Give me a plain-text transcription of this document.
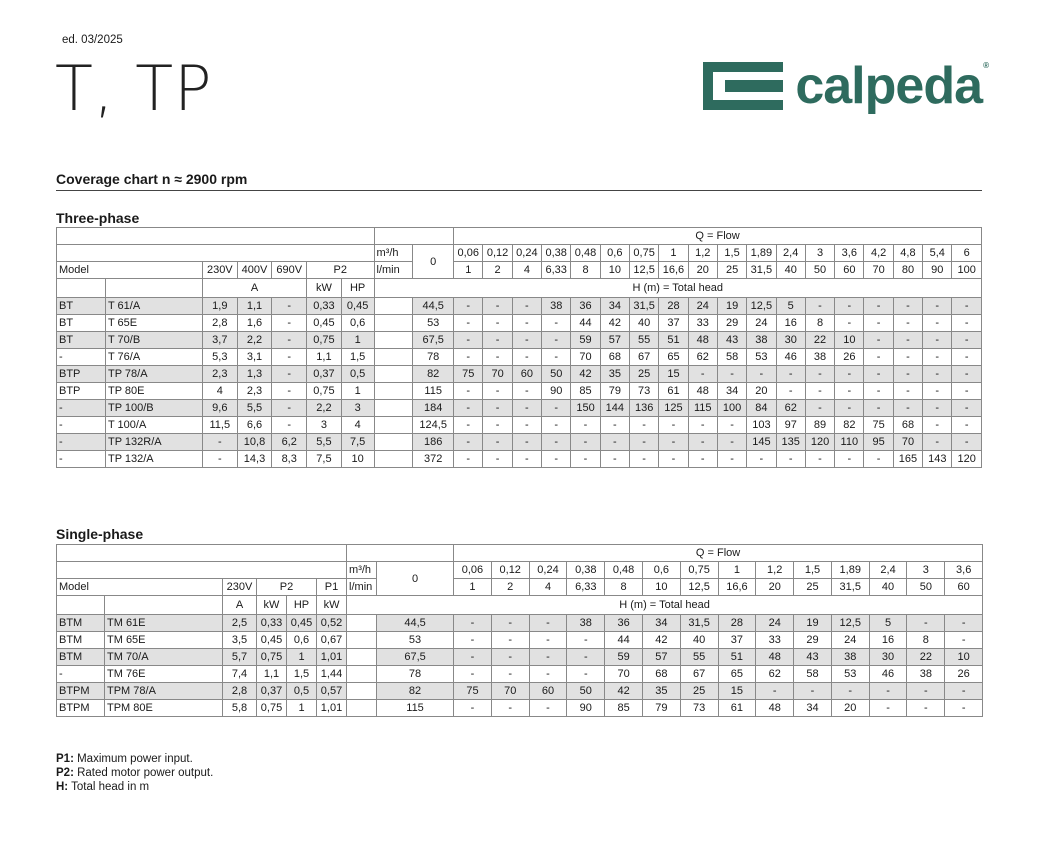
ed. 03/2025
T, TP	calpeda ®
Coverage chart n ≈ 2900 rpm
Three-phase
									Q = Flow																	
							m³/h	0	0,06	0,12	0,24	0,38	0,48	0,6	0,75	1	1,2	1,5	1,89	2,4	3	3,6	4,2	4,8	5,4	6
Model		230V	400V	690V	P2		l/min		1	2	4	6,33	8	10	12,5	16,6	20	25	31,5	40	50	60	70	80	90	100
		A			kW	HP	H (m) = Total head																			
BT	T 61/A	1,9	1,1	-	0,33	0,45		44,5	-	-	-	38	36	34	31,5	28	24	19	12,5	5	-	-	-	-	-	-
BT	T 65E	2,8	1,6	-	0,45	0,6		53	-	-	-	-	44	42	40	37	33	29	24	16	8	-	-	-	-	-
BT	T 70/B	3,7	2,2	-	0,75	1		67,5	-	-	-	-	59	57	55	51	48	43	38	30	22	10	-	-	-	-
-	T 76/A	5,3	3,1	-	1,1	1,5		78	-	-	-	-	70	68	67	65	62	58	53	46	38	26	-	-	-	-
BTP	TP 78/A	2,3	1,3	-	0,37	0,5		82	75	70	60	50	42	35	25	15	-	-	-	-	-	-	-	-	-	-
BTP	TP 80E	4	2,3	-	0,75	1		115	-	-	-	90	85	79	73	61	48	34	20	-	-	-	-	-	-	-
-	TP 100/B	9,6	5,5	-	2,2	3		184	-	-	-	-	150	144	136	125	115	100	84	62	-	-	-	-	-	-
-	T 100/A	11,5	6,6	-	3	4		124,5	-	-	-	-	-	-	-	-	-	-	103	97	89	82	75	68	-	-
-	TP 132R/A	-	10,8	6,2	5,5	7,5		186	-	-	-	-	-	-	-	-	-	-	145	135	120	110	95	70	-	-
-	TP 132/A	-	14,3	8,3	7,5	10		372	-	-	-	-	-	-	-	-	-	-	-	-	-	-	-	165	143	120
Single-phase
								Q = Flow													
						m³/h	0	0,06	0,12	0,24	0,38	0,48	0,6	0,75	1	1,2	1,5	1,89	2,4	3	3,6
Model		230V	P2		P1	l/min		1	2	4	6,33	8	10	12,5	16,6	20	25	31,5	40	50	60
		A	kW	HP	kW	H (m) = Total head															
BTM	TM 61E	2,5	0,33	0,45	0,52		44,5	-	-	-	38	36	34	31,5	28	24	19	12,5	5	-	-
BTM	TM 65E	3,5	0,45	0,6	0,67		53	-	-	-	-	44	42	40	37	33	29	24	16	8	-
BTM	TM 70/A	5,7	0,75	1	1,01		67,5	-	-	-	-	59	57	55	51	48	43	38	30	22	10
-	TM 76E	7,4	1,1	1,5	1,44		78	-	-	-	-	70	68	67	65	62	58	53	46	38	26
BTPM	TPM 78/A	2,8	0,37	0,5	0,57		82	75	70	60	50	42	35	25	15	-	-	-	-	-	-
BTPM	TPM 80E	5,8	0,75	1	1,01		115	-	-	-	90	85	79	73	61	48	34	20	-	-	-
P1: Maximum power input.
P2: Rated motor power output.
H: Total head in m
